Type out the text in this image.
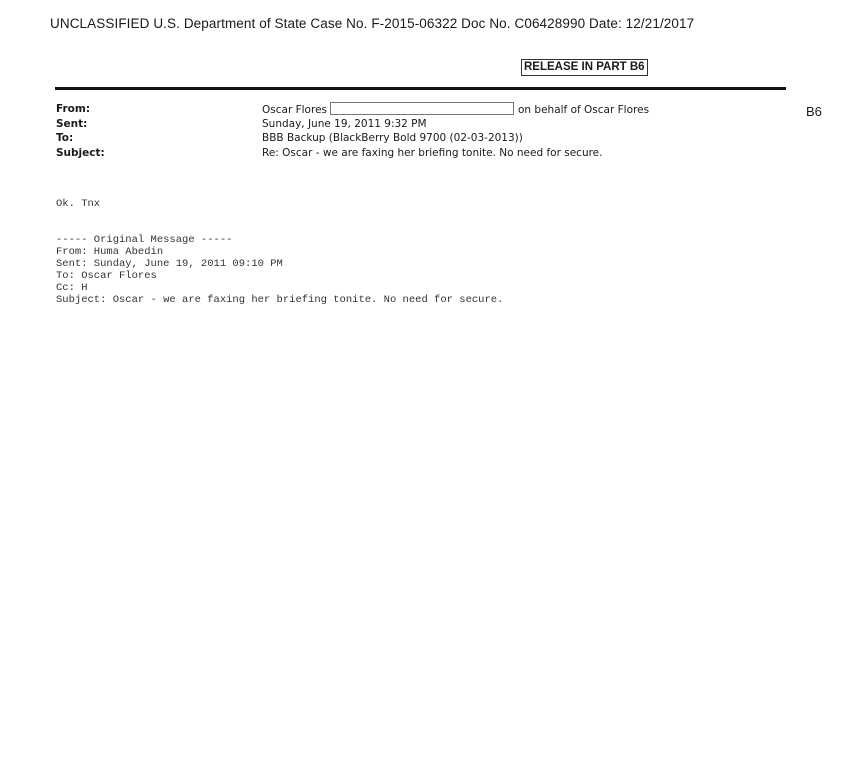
UNCLASSIFIED U.S. Department of State Case No. F-2015-06322 Doc No. C06428990 Date: 12/21/2017
RELEASE IN PART B6
From:	Oscar Flores	on behalf of Oscar Flores
Sent:	Sunday, June 19, 2011 9:32 PM
To:	BBB Backup (BlackBerry Bold 9700 (02-03-2013))
Subject:	Re: Oscar - we are faxing her briefing tonite. No need for secure.
B6
Ok. Tnx
----- Original Message -----
From: Huma Abedin
Sent: Sunday, June 19, 2011 09:10 PM
To: Oscar Flores
Cc: H
Subject: Oscar - we are faxing her briefing tonite. No need for secure.
